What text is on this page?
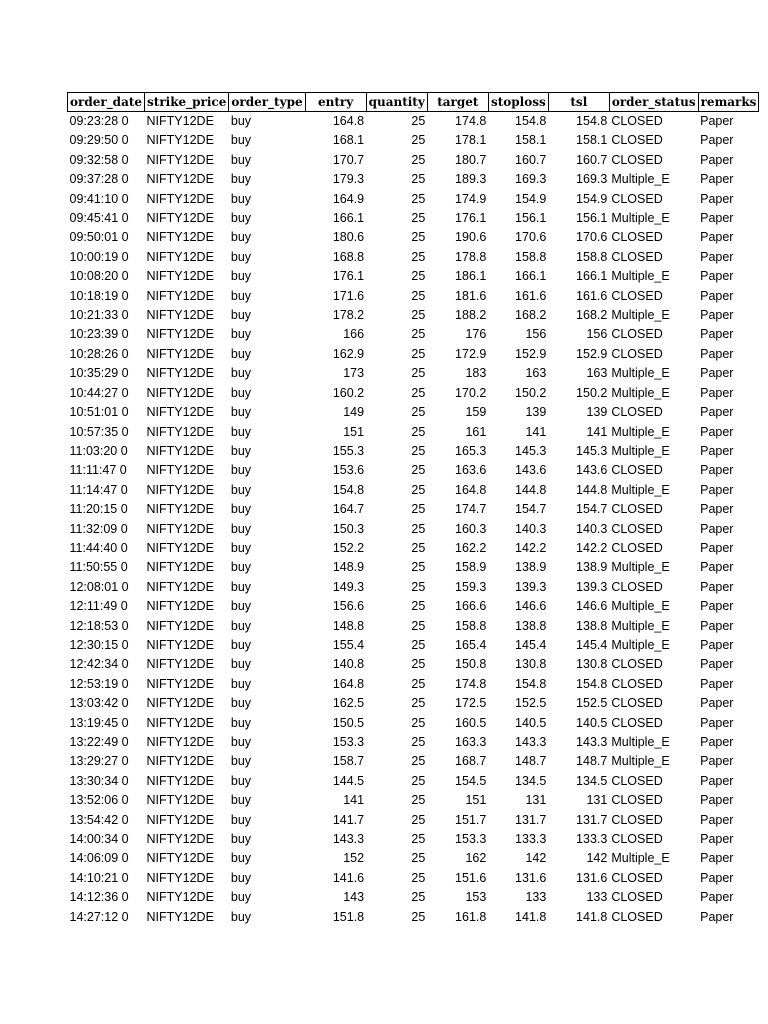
order_date	strike_price	order_type	entry	quantity	target	stoploss	tsl	order_status	remarks
09:23:28 0	NIFTY12DE	buy	164.8	25	174.8	154.8	154.8	CLOSED	Paper
09:29:50 0	NIFTY12DE	buy	168.1	25	178.1	158.1	158.1	CLOSED	Paper
09:32:58 0	NIFTY12DE	buy	170.7	25	180.7	160.7	160.7	CLOSED	Paper
09:37:28 0	NIFTY12DE	buy	179.3	25	189.3	169.3	169.3	Multiple_E	Paper
09:41:10 0	NIFTY12DE	buy	164.9	25	174.9	154.9	154.9	CLOSED	Paper
09:45:41 0	NIFTY12DE	buy	166.1	25	176.1	156.1	156.1	Multiple_E	Paper
09:50:01 0	NIFTY12DE	buy	180.6	25	190.6	170.6	170.6	CLOSED	Paper
10:00:19 0	NIFTY12DE	buy	168.8	25	178.8	158.8	158.8	CLOSED	Paper
10:08:20 0	NIFTY12DE	buy	176.1	25	186.1	166.1	166.1	Multiple_E	Paper
10:18:19 0	NIFTY12DE	buy	171.6	25	181.6	161.6	161.6	CLOSED	Paper
10:21:33 0	NIFTY12DE	buy	178.2	25	188.2	168.2	168.2	Multiple_E	Paper
10:23:39 0	NIFTY12DE	buy	166	25	176	156	156	CLOSED	Paper
10:28:26 0	NIFTY12DE	buy	162.9	25	172.9	152.9	152.9	CLOSED	Paper
10:35:29 0	NIFTY12DE	buy	173	25	183	163	163	Multiple_E	Paper
10:44:27 0	NIFTY12DE	buy	160.2	25	170.2	150.2	150.2	Multiple_E	Paper
10:51:01 0	NIFTY12DE	buy	149	25	159	139	139	CLOSED	Paper
10:57:35 0	NIFTY12DE	buy	151	25	161	141	141	Multiple_E	Paper
11:03:20 0	NIFTY12DE	buy	155.3	25	165.3	145.3	145.3	Multiple_E	Paper
11:11:47 0	NIFTY12DE	buy	153.6	25	163.6	143.6	143.6	CLOSED	Paper
11:14:47 0	NIFTY12DE	buy	154.8	25	164.8	144.8	144.8	Multiple_E	Paper
11:20:15 0	NIFTY12DE	buy	164.7	25	174.7	154.7	154.7	CLOSED	Paper
11:32:09 0	NIFTY12DE	buy	150.3	25	160.3	140.3	140.3	CLOSED	Paper
11:44:40 0	NIFTY12DE	buy	152.2	25	162.2	142.2	142.2	CLOSED	Paper
11:50:55 0	NIFTY12DE	buy	148.9	25	158.9	138.9	138.9	Multiple_E	Paper
12:08:01 0	NIFTY12DE	buy	149.3	25	159.3	139.3	139.3	CLOSED	Paper
12:11:49 0	NIFTY12DE	buy	156.6	25	166.6	146.6	146.6	Multiple_E	Paper
12:18:53 0	NIFTY12DE	buy	148.8	25	158.8	138.8	138.8	Multiple_E	Paper
12:30:15 0	NIFTY12DE	buy	155.4	25	165.4	145.4	145.4	Multiple_E	Paper
12:42:34 0	NIFTY12DE	buy	140.8	25	150.8	130.8	130.8	CLOSED	Paper
12:53:19 0	NIFTY12DE	buy	164.8	25	174.8	154.8	154.8	CLOSED	Paper
13:03:42 0	NIFTY12DE	buy	162.5	25	172.5	152.5	152.5	CLOSED	Paper
13:19:45 0	NIFTY12DE	buy	150.5	25	160.5	140.5	140.5	CLOSED	Paper
13:22:49 0	NIFTY12DE	buy	153.3	25	163.3	143.3	143.3	Multiple_E	Paper
13:29:27 0	NIFTY12DE	buy	158.7	25	168.7	148.7	148.7	Multiple_E	Paper
13:30:34 0	NIFTY12DE	buy	144.5	25	154.5	134.5	134.5	CLOSED	Paper
13:52:06 0	NIFTY12DE	buy	141	25	151	131	131	CLOSED	Paper
13:54:42 0	NIFTY12DE	buy	141.7	25	151.7	131.7	131.7	CLOSED	Paper
14:00:34 0	NIFTY12DE	buy	143.3	25	153.3	133.3	133.3	CLOSED	Paper
14:06:09 0	NIFTY12DE	buy	152	25	162	142	142	Multiple_E	Paper
14:10:21 0	NIFTY12DE	buy	141.6	25	151.6	131.6	131.6	CLOSED	Paper
14:12:36 0	NIFTY12DE	buy	143	25	153	133	133	CLOSED	Paper
14:27:12 0	NIFTY12DE	buy	151.8	25	161.8	141.8	141.8	CLOSED	Paper
